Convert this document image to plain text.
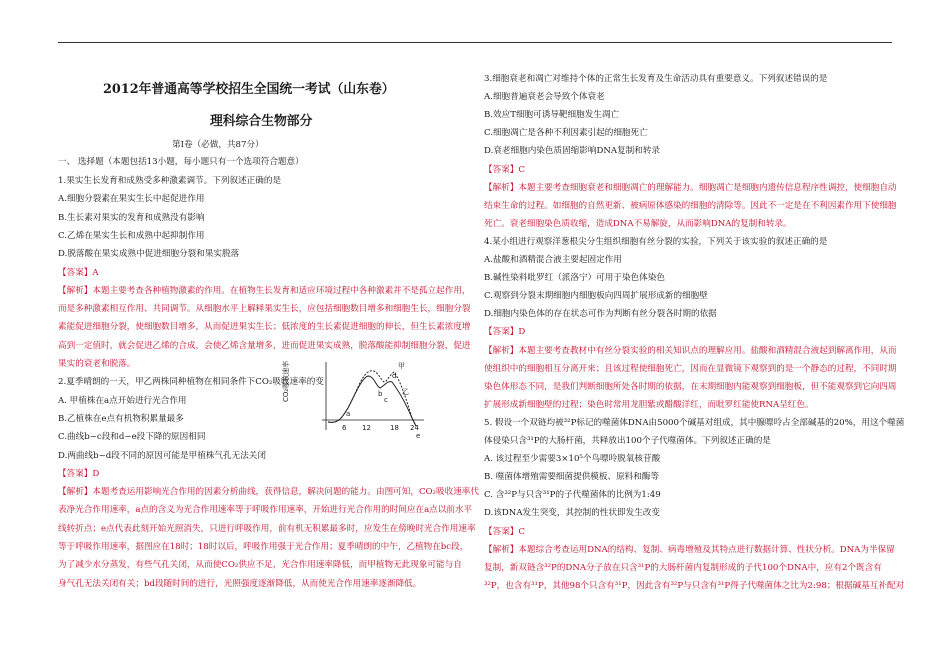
2012年普通高等学校招生全国统一考试（山东卷）
理科综合生物部分
第Ⅰ卷（必做，共87分）
一、 选择题（本题包括13小题，每小题只有一个选项符合题意）
1.果实生长发育和成熟受多种激素调节。下列叙述正确的是
A.细胞分裂素在果实生长中起促进作用
B.生长素对果实的发育和成熟没有影响
C.乙烯在果实生长和成熟中起抑制作用
D.脱落酸在果实成熟中促进细胞分裂和果实脱落
【答案】A
【解析】本题主要考查各种植物激素的作用。在植物生长发育和适应环境过程中各种激素并不是孤立起作用，
而是多种激素相互作用、共同调节。从细胞水平上解释果实生长，应包括细胞数目增多和细胞生长，细胞分裂
素能促进细胞分裂，使细胞数目增多，从而促进果实生长；低浓度的生长素促进细胞的伸长，但生长素浓度增
高到一定值时，就会促进乙烯的合成，会使乙烯含量增多，进而促进果实成熟，脱落酸能抑制细胞分裂，促进
果实的衰老和脱落。
2.夏季晴朗的一天，甲乙两株同种植物在相同条件下CO₂吸收速率的变
A. 甲植株在a点开始进行光合作用
B.乙植株在e点有机物积累量最多
C.曲线b~c段和d~e段下降的原因相同
D.两曲线b~d段不同的原因可能是甲植株气孔无法关闭
【答案】D
【解析】本题考查运用影响光合作用的因素分析曲线，获得信息，解决问题的能力。由图可知，CO₂吸收速率代
表净光合作用速率，a点的含义为光合作用速率等于呼吸作用速率，开始进行光合作用的时间应在a点以前水平
线转折点；e点代表此刻开始光照消失，只进行呼吸作用，前有机无积累最多时，应发生在傍晚时光合作用速率
等于呼吸作用速率，据图应在18时；18时以后，呼吸作用强于光合作用；夏季晴朗的中午，乙植物在bc段，
为了减少水分蒸发，有些气孔关闭，从而使CO₂供应不足，光合作用速率降低，而甲植物无此现象可能与自
身气孔无法关闭有关；bd段随时间的进行，光照强度逐渐降低，从而使光合作用速率逐渐降低。
3.细胞衰老和凋亡对维持个体的正常生长发育及生命活动具有重要意义。下列叙述错误的是
A.细胞普遍衰老会导致个体衰老
B.效应T细胞可诱导靶细胞发生凋亡
C.细胞凋亡是各种不利因素引起的细胞死亡
D.衰老细胞内染色质固缩影响DNA复制和转录
【答案】C
【解析】本题主要考查细胞衰老和细胞凋亡的理解能力。细胞凋亡是细胞内遗传信息程序性调控，使细胞自动
结束生命的过程。如细胞的自然更新、被病原体感染的细胞的清除等。因此不一定是在不利因素作用下使细胞
死亡。衰老细胞染色质收缩，造成DNA不易解旋，从而影响DNA的复制和转录。
4.某小组进行观察洋葱根尖分生组织细胞有丝分裂的实验，下列关于该实验的叙述正确的是
A.盐酸和酒精混合液主要起固定作用
B.碱性染料吡罗红（派洛宁）可用于染色体染色
C.观察到分裂末期细胞内细胞板向四周扩展形成新的细胞壁
D.细胞内染色体的存在状态可作为判断有丝分裂各时期的依据
【答案】D
【解析】本题主要考查教材中有丝分裂实验的相关知识点的理解应用。盐酸和酒精混合液起到解离作用，从而
使组织中的细胞相互分离开来；且该过程使细胞死亡，因而在显微镜下观察到的是一个静态的过程，不同时期
染色体形态不同，是我们判断细胞所处各时期的依据，在末期细胞内能观察到细胞板，但不能观察到它向四周
扩展形成新细胞壁的过程；染色时常用龙胆紫或醋酸洋红，而吡罗红能使RNA呈红色。
5. 假设一个双链均被³²P标记的噬菌体DNA由5000个碱基对组成，其中腺嘌呤占全部碱基的20%，用这个噬菌
体侵染只含³¹P的大肠杆菌，共释放出100个子代噬菌体。下列叙述正确的是
A. 该过程至少需要3×10⁵个鸟嘌呤脱氧核苷酸
B. 噬菌体增殖需要细菌提供模板、原料和酶等
C. 含³²P与只含³¹P的子代噬菌体的比例为1:49
D.该DNA发生突变，其控制的性状即发生改变
【答案】C
【解析】本题综合考查运用DNA的结构、复制、病毒增殖及其特点进行数据计算、性状分析。DNA为半保留
复制，新双链含³²P的DNA分子放在只含³¹P的大肠杆菌内复制形成的子代100个DNA中，应有2个既含有
³²P，也含有³¹P，其他98个只含有³¹P，因此含有³²P与只含有³¹P得子代噬菌体之比为2:98；根据碱基互补配对
CO₂吸收速率	甲
乙
6 12	18 24
a
b
c
d
e
